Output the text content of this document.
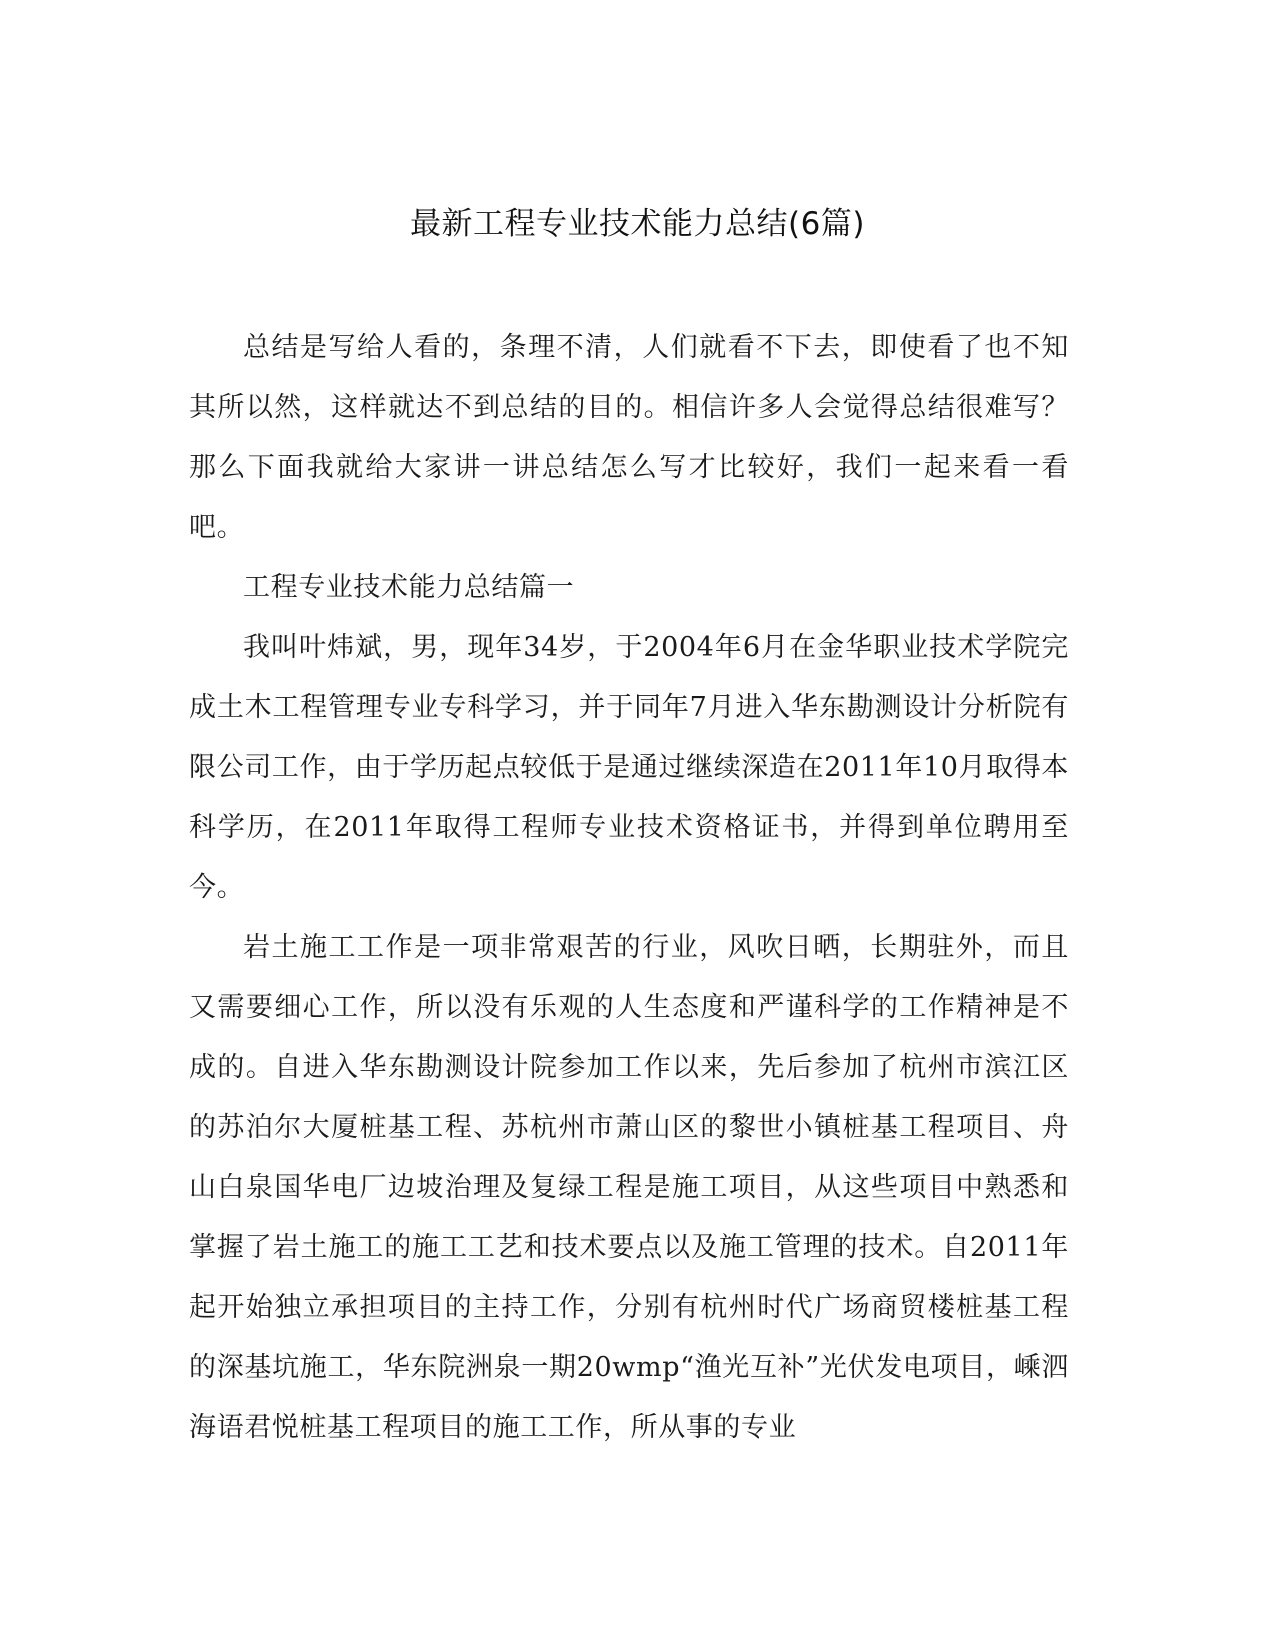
最新工程专业技术能力总结(6篇)

总结是写给人看的，条理不清，人们就看不下去，即使看了也不知其所以然，这样就达不到总结的目的。相信许多人会觉得总结很难写？那么下面我就给大家讲一讲总结怎么写才比较好，我们一起来看一看吧。

工程专业技术能力总结篇一

我叫叶炜斌，男，现年34岁，于2004年6月在金华职业技术学院完成土木工程管理专业专科学习，并于同年7月进入华东勘测设计分析院有限公司工作，由于学历起点较低于是通过继续深造在2011年10月取得本科学历，在2011年取得工程师专业技术资格证书，并得到单位聘用至今。

岩土施工工作是一项非常艰苦的行业，风吹日晒，长期驻外，而且又需要细心工作，所以没有乐观的人生态度和严谨科学的工作精神是不成的。自进入华东勘测设计院参加工作以来，先后参加了杭州市滨江区的苏泊尔大厦桩基工程、苏杭州市萧山区的黎世小镇桩基工程项目、舟山白泉国华电厂边坡治理及复绿工程是施工项目，从这些项目中熟悉和掌握了岩土施工的施工工艺和技术要点以及施工管理的技术。自2011年起开始独立承担项目的主持工作，分别有杭州时代广场商贸楼桩基工程的深基坑施工，华东院洲泉一期20wmp“渔光互补”光伏发电项目，嵊泗海语君悦桩基工程项目的施工工作，所从事的专业
